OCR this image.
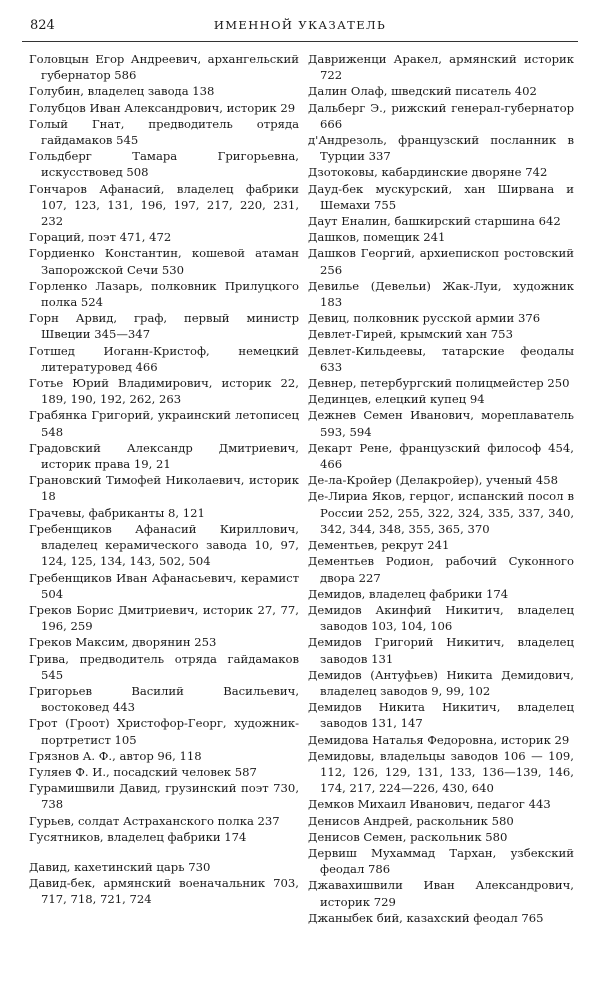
824	ИМЕННОЙ УКАЗАТЕЛЬ

Головцын Егор Андреевич, архангельский губернатор 586

Голубин, владелец завода 138

Голубцов Иван Александрович, историк 29

Голый Гнат, предводитель отряда гайдамаков 545

Гольдберг Тамара Григорьевна, искусствовед 508

Гончаров Афанасий, владелец фабрики 107, 123, 131, 196, 197, 217, 220, 231, 232

Гораций, поэт 471, 472

Гордиенко Константин, кошевой атаман Запорожской Сечи 530

Горленко Лазарь, полковник Прилуцкого полка 524

Горн Арвид, граф, первый министр Швеции 345—347

Готшед Иоганн-Кристоф, немецкий литературовед 466

Готье Юрий Владимирович, историк 22, 189, 190, 192, 262, 263

Грабянка Григорий, украинский летописец 548

Градовский Александр Дмитриевич, историк права 19, 21

Грановский Тимофей Николаевич, историк 18

Грачевы, фабриканты 8, 121

Гребенщиков Афанасий Кириллович, владелец керамического завода 10, 97, 124, 125, 134, 143, 502, 504

Гребенщиков Иван Афанасьевич, керамист 504

Греков Борис Дмитриевич, историк 27, 77, 196, 259

Греков Максим, дворянин 253

Грива, предводитель отряда гайдамаков 545

Григорьев Василий Васильевич, востоковед 443

Грот (Гроот) Христофор-Георг, художник-портретист 105

Грязнов А. Ф., автор 96, 118

Гуляев Ф. И., посадский человек 587

Гурамишвили Давид, грузинский поэт 730, 738

Гурьев, солдат Астраханского полка 237

Гусятников, владелец фабрики 174

Давид, кахетинский царь 730

Давид-бек, армянский военачальник 703, 717, 718, 721, 724

Давриженци Аракел, армянский историк 722

Далин Олаф, шведский писатель 402

Дальберг Э., рижский генерал-губернатор 666

д'Андрезоль, французский посланник в Турции 337

Дзотоковы, кабардинские дворяне 742

Дауд-бек мускурский, хан Ширвана и Шемахи 755

Даут Еналин, башкирский старшина 642

Дашков, помещик 241

Дашков Георгий, архиепископ ростовский 256

Девилье (Девельи) Жак-Луи, художник 183

Девиц, полковник русской армии 376

Девлет-Гирей, крымский хан 753

Девлет-Кильдеевы, татарские феодалы 633

Девнер, петербургский полицмейстер 250

Дединцев, елецкий купец 94

Дежнев Семен Иванович, мореплаватель 593, 594

Декарт Рене, французский философ 454, 466

Де-ла-Кройер (Делакройер), ученый 458

Де-Лириа Яков, герцог, испанский посол в России 252, 255, 322, 324, 335, 337, 340, 342, 344, 348, 355, 365, 370

Дементьев, рекрут 241

Дементьев Родион, рабочий Суконного двора 227

Демидов, владелец фабрики 174

Демидов Акинфий Никитич, владелец заводов 103, 104, 106

Демидов Григорий Никитич, владелец заводов 131

Демидов (Антуфьев) Никита Демидович, владелец заводов 9, 99, 102

Демидов Никита Никитич, владелец заводов 131, 147

Демидова Наталья Федоровна, историк 29

Демидовы, владельцы заводов 106 — 109, 112, 126, 129, 131, 133, 136—139, 146, 174, 217, 224—226, 430, 640

Демков Михаил Иванович, педагог 443

Денисов Андрей, раскольник 580

Денисов Семен, раскольник 580

Дервиш Мухаммад Тархан, узбекский феодал 786

Джавахишвили Иван Александрович, историк 729

Джаныбек бий, казахский феодал 765
